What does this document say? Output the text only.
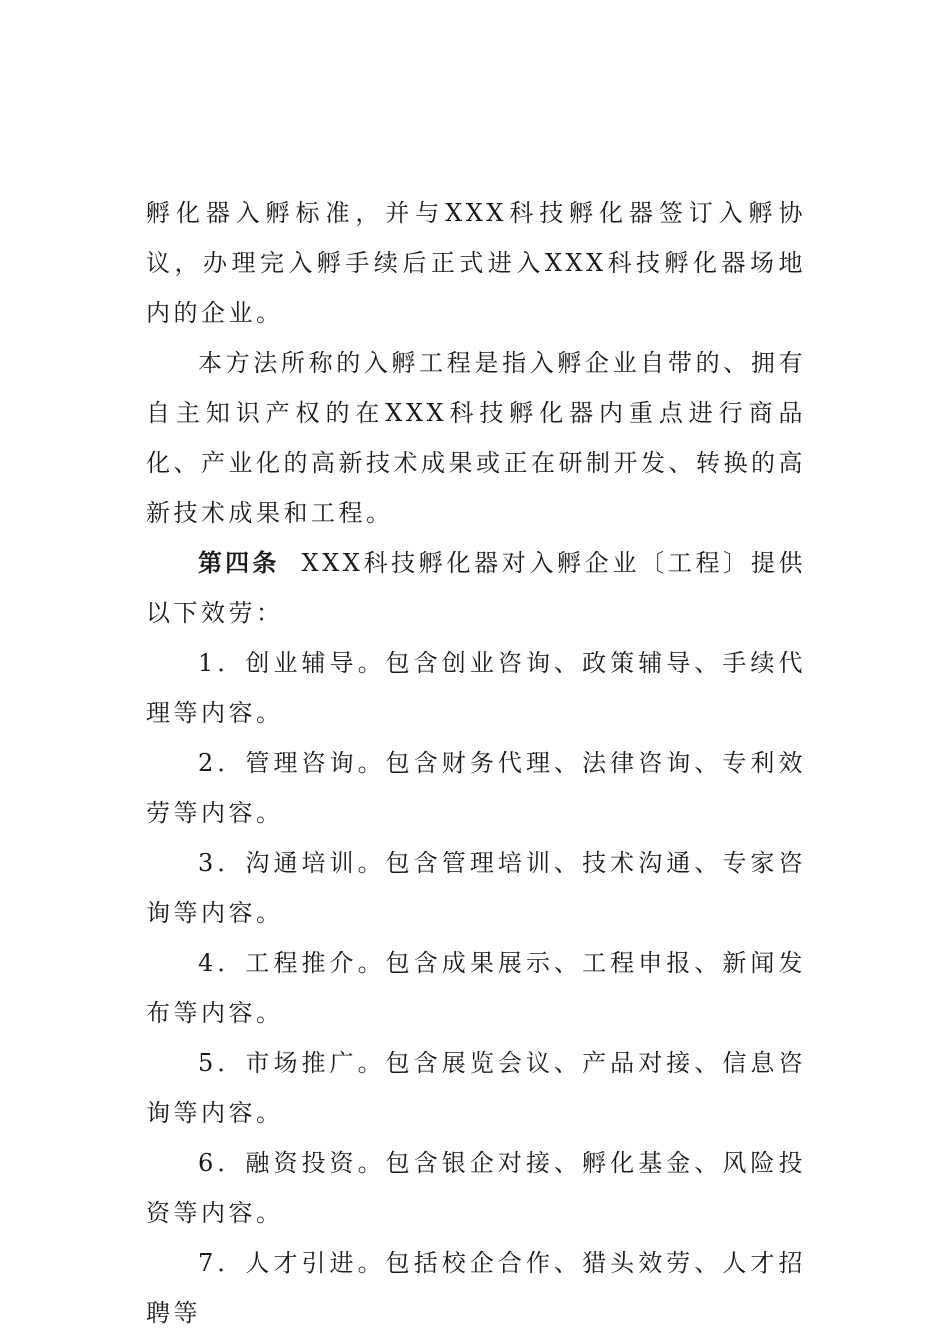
孵化器入孵标准，并与XXX科技孵化器签订入孵协议，办理完入孵手续后正式进入XXX科技孵化器场地内的企业。

本方法所称的入孵工程是指入孵企业自带的、拥有自主知识产权的在XXX科技孵化器内重点进行商品化、产业化的高新技术成果或正在研制开发、转换的高新技术成果和工程。

第四条 XXX科技孵化器对入孵企业〔工程〕提供以下效劳：

1．创业辅导。包含创业咨询、政策辅导、手续代理等内容。

2．管理咨询。包含财务代理、法律咨询、专利效劳等内容。

3．沟通培训。包含管理培训、技术沟通、专家咨询等内容。

4．工程推介。包含成果展示、工程申报、新闻发布等内容。

5．市场推广。包含展览会议、产品对接、信息咨询等内容。

6．融资投资。包含银企对接、孵化基金、风险投资等内容。

7．人才引进。包括校企合作、猎头效劳、人才招聘等
